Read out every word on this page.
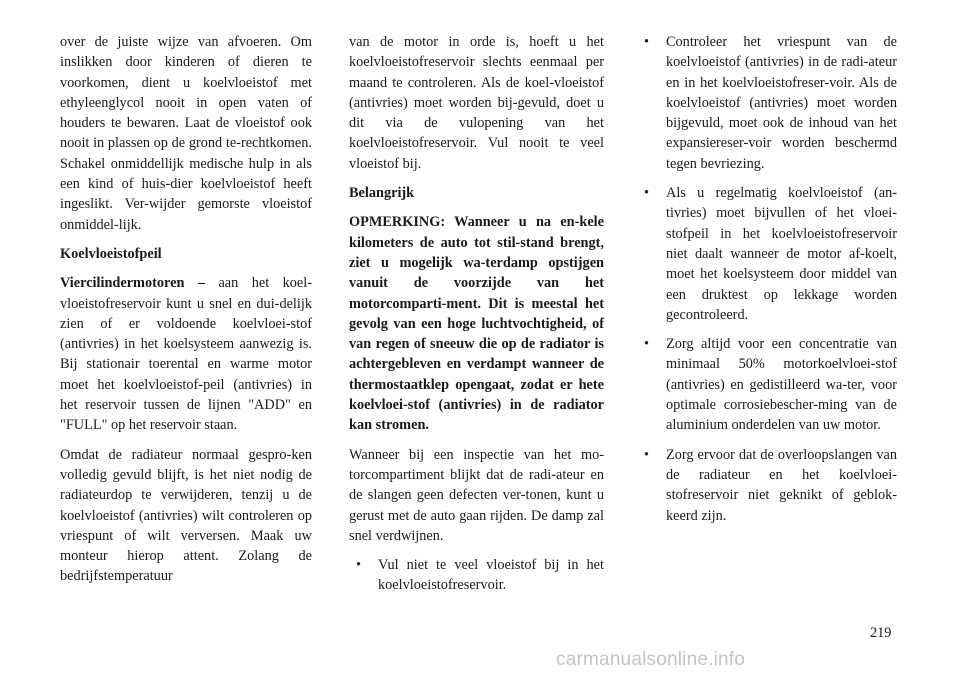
over de juiste wijze van afvoeren. Om inslikken door kinderen of dieren te voorkomen, dient u koelvloeistof met ethyleenglycol nooit in open vaten of houders te bewaren. Laat de vloeistof ook nooit in plassen op de grond te-rechtkomen. Schakel onmiddellijk medische hulp in als een kind of huis-dier koelvloeistof heeft ingeslikt. Ver-wijder gemorste vloeistof onmiddel-lijk.

Koelvloeistofpeil

Viercilindermotoren – aan het koel-vloeistofreservoir kunt u snel en dui-delijk zien of er voldoende koelvloei-stof (antivries) in het koelsysteem aanwezig is. Bij stationair toerental en warme motor moet het koelvloeistof-peil (antivries) in het reservoir tussen de lijnen "ADD" en "FULL" op het reservoir staan.

Omdat de radiateur normaal gespro-ken volledig gevuld blijft, is het niet nodig de radiateurdop te verwijderen, tenzij u de koelvloeistof (antivries) wilt controleren op vriespunt of wilt verversen. Maak uw monteur hierop attent. Zolang de bedrijfstemperatuur

van de motor in orde is, hoeft u het koelvloeistofreservoir slechts eenmaal per maand te controleren. Als de koel-vloeistof (antivries) moet worden bij-gevuld, doet u dit via de vulopening van het koelvloeistofreservoir. Vul nooit te veel vloeistof bij.

Belangrijk

OPMERKING: Wanneer u na en-kele kilometers de auto tot stil-stand brengt, ziet u mogelijk wa-terdamp opstijgen vanuit de voorzijde van het motorcomparti-ment. Dit is meestal het gevolg van een hoge luchtvochtigheid, of van regen of sneeuw die op de radiator is achtergebleven en verdampt wanneer de thermostaatklep opengaat, zodat er hete koelvloei-stof (antivries) in de radiator kan stromen.

Wanneer bij een inspectie van het mo-torcompartiment blijkt dat de radi-ateur en de slangen geen defecten ver-tonen, kunt u gerust met de auto gaan rijden. De damp zal snel verdwijnen.

• Vul niet te veel vloeistof bij in het koelvloeistofreservoir.
• Controleer het vriespunt van de koelvloeistof (antivries) in de radi-ateur en in het koelvloeistofreser-voir. Als de koelvloeistof (antivries) moet worden bijgevuld, moet ook de inhoud van het expansiereser-voir worden beschermd tegen bevriezing.
• Als u regelmatig koelvloeistof (an-tivries) moet bijvullen of het vloei-stofpeil in het koelvloeistofreservoir niet daalt wanneer de motor af-koelt, moet het koelsysteem door middel van een druktest op lekkage worden gecontroleerd.
• Zorg altijd voor een concentratie van minimaal 50% motorkoelvloei-stof (antivries) en gedistilleerd wa-ter, voor optimale corrosiebescher-ming van de aluminium onderdelen van uw motor.
• Zorg ervoor dat de overloopslangen van de radiateur en het koelvloei-stofreservoir niet geknikt of geblok-keerd zijn.
219
carmanualsonline.info
